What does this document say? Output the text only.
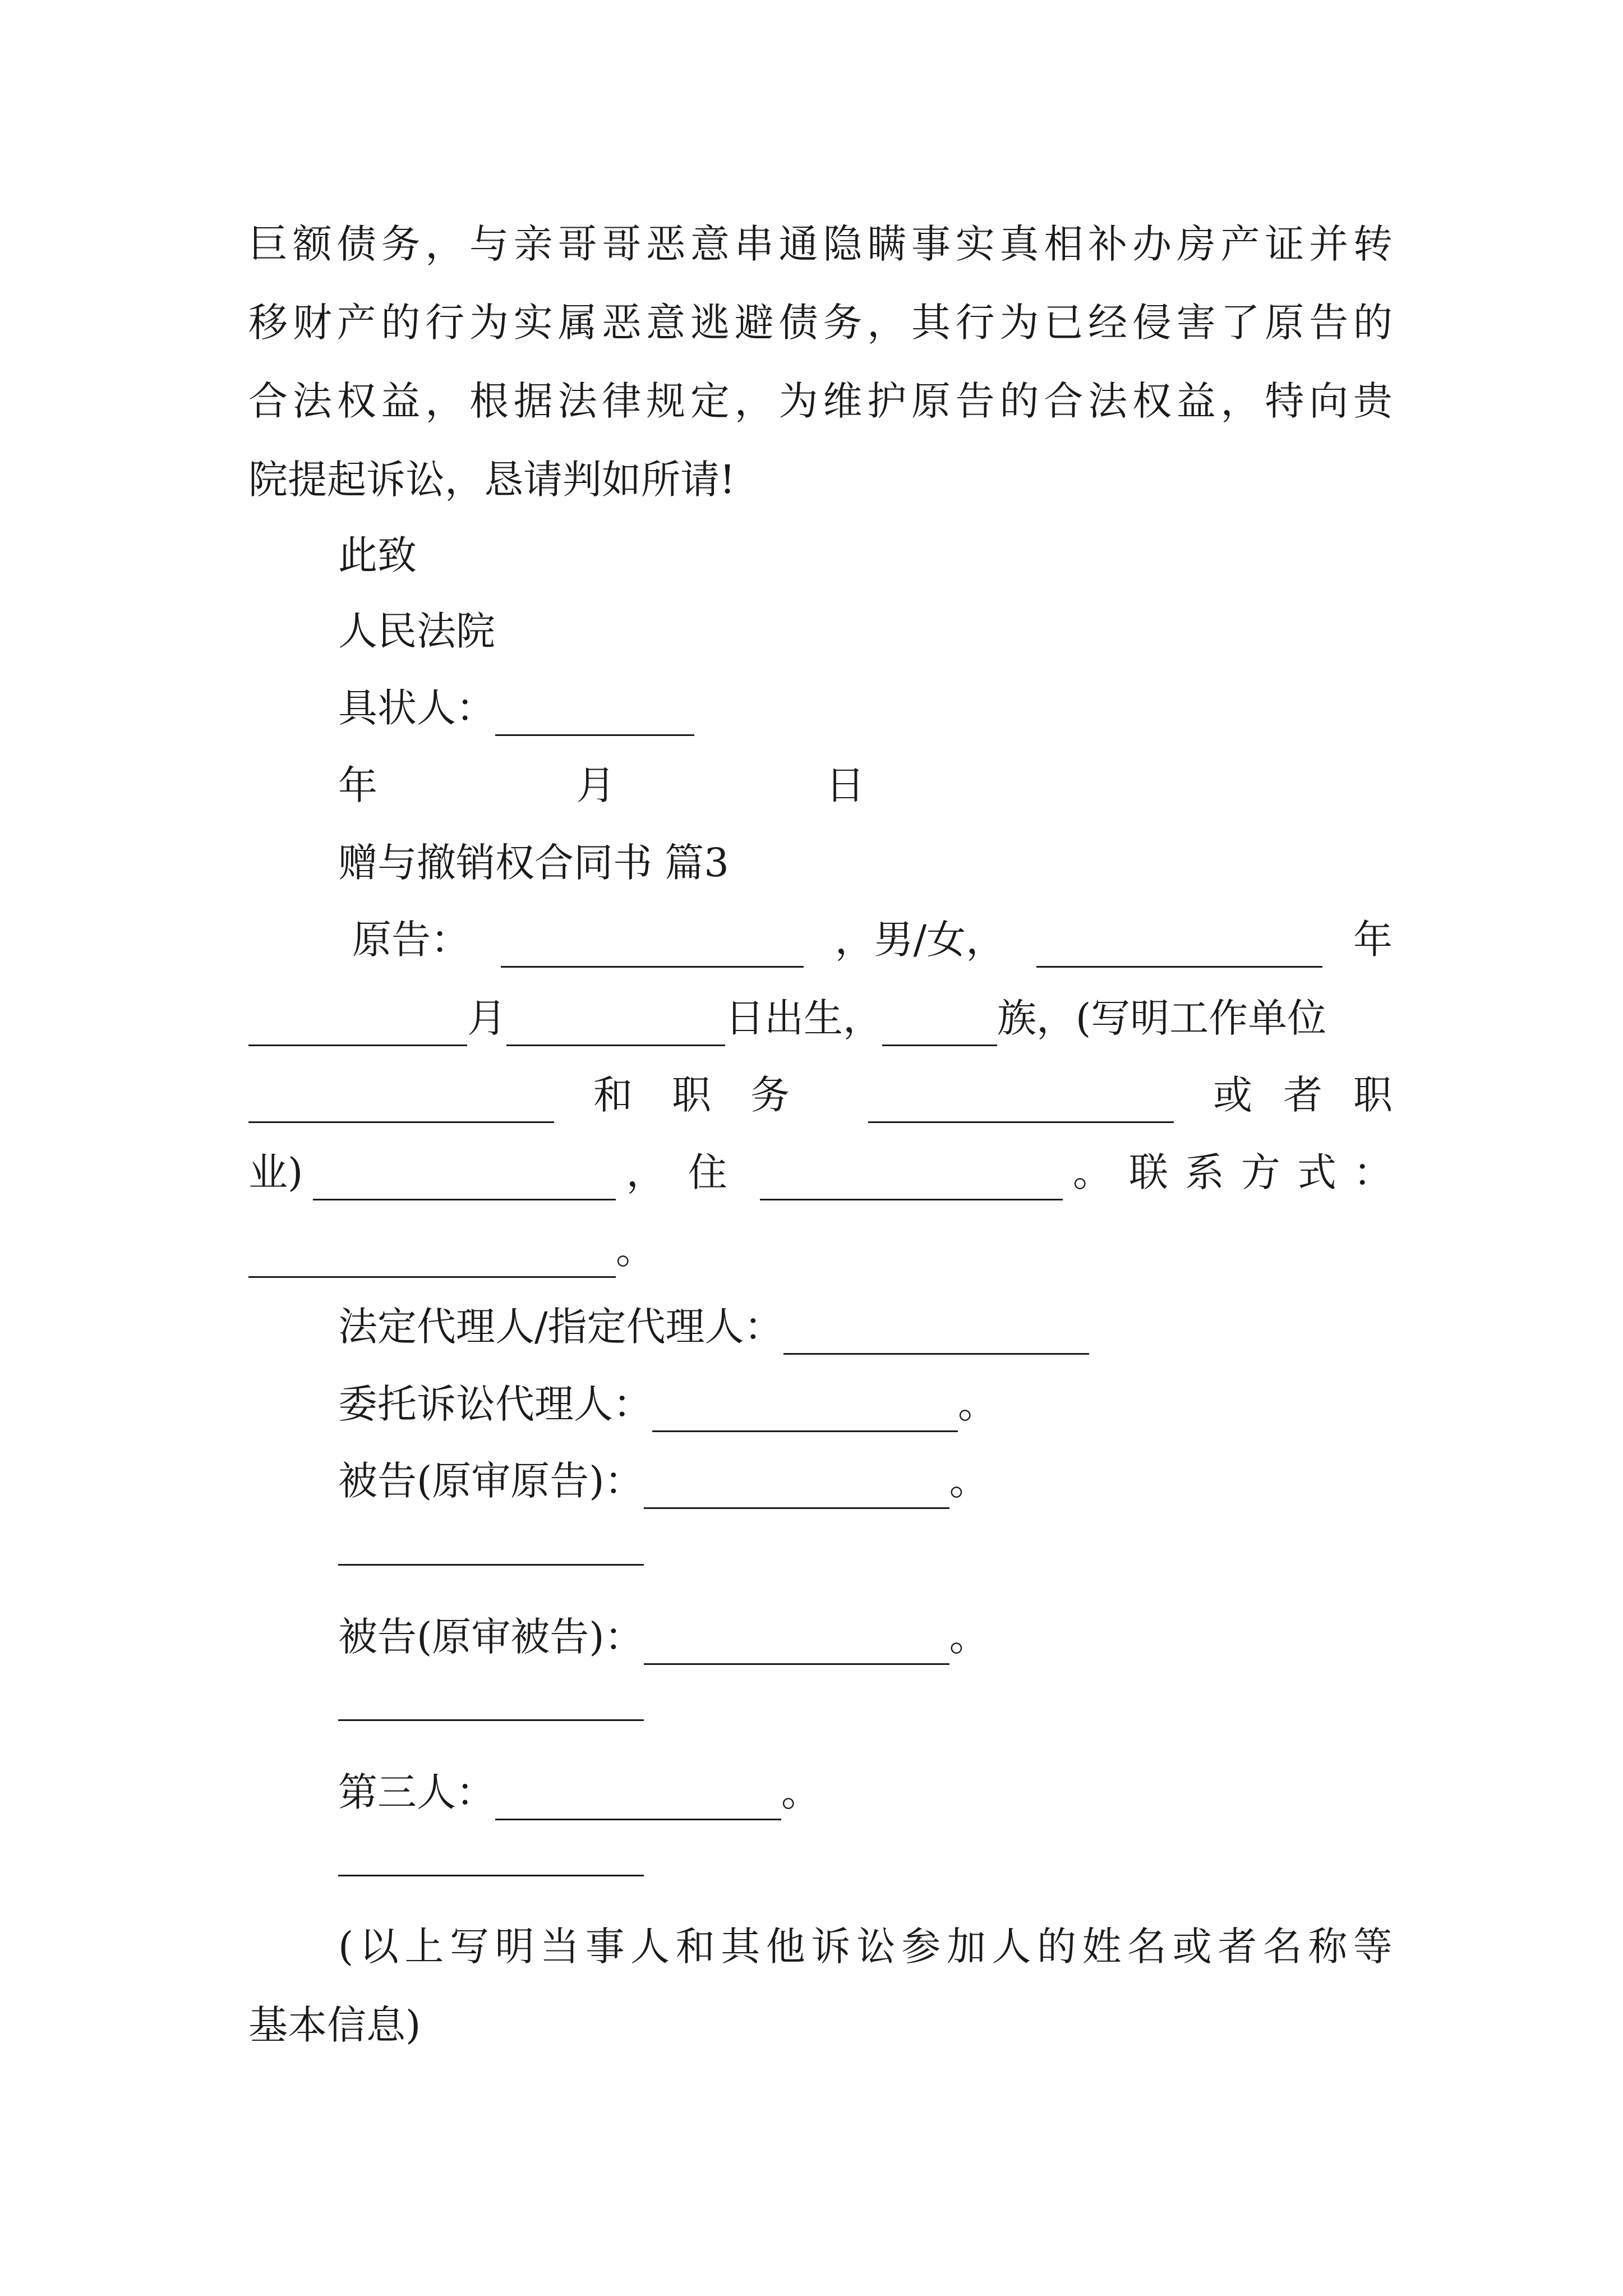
巨 额 债 务 ， 与 亲 哥 哥 恶 意 串 通 隐 瞒 事 实 真 相 补 办 房 产 证 并 转
移 财 产 的 行 为 实 属 恶 意 逃 避 债 务 ， 其 行 为 已 经 侵 害 了 原 告 的
合 法 权 益 ， 根 据 法 律 规 定 ， 为 维 护 原 告 的 合 法 权 益 ， 特 向 贵
院提起诉讼，恳请判如所请!
此致
人民法院
具状人：
年	月	日
赠与撤销权合同书 篇3
原告：	，男/女，	年
月	日出生，	族，(写明工作单位
和职务	或者职
业)	，住	。联系方式：
。
法定代理人/指定代理人：
委托诉讼代理人：	。
被告(原审原告)：	。
被告(原审被告)：	。
第三人：	。
( 以 上 写 明 当 事 人 和 其 他 诉 讼 参 加 人 的 姓 名 或 者 名 称 等
基本信息)
